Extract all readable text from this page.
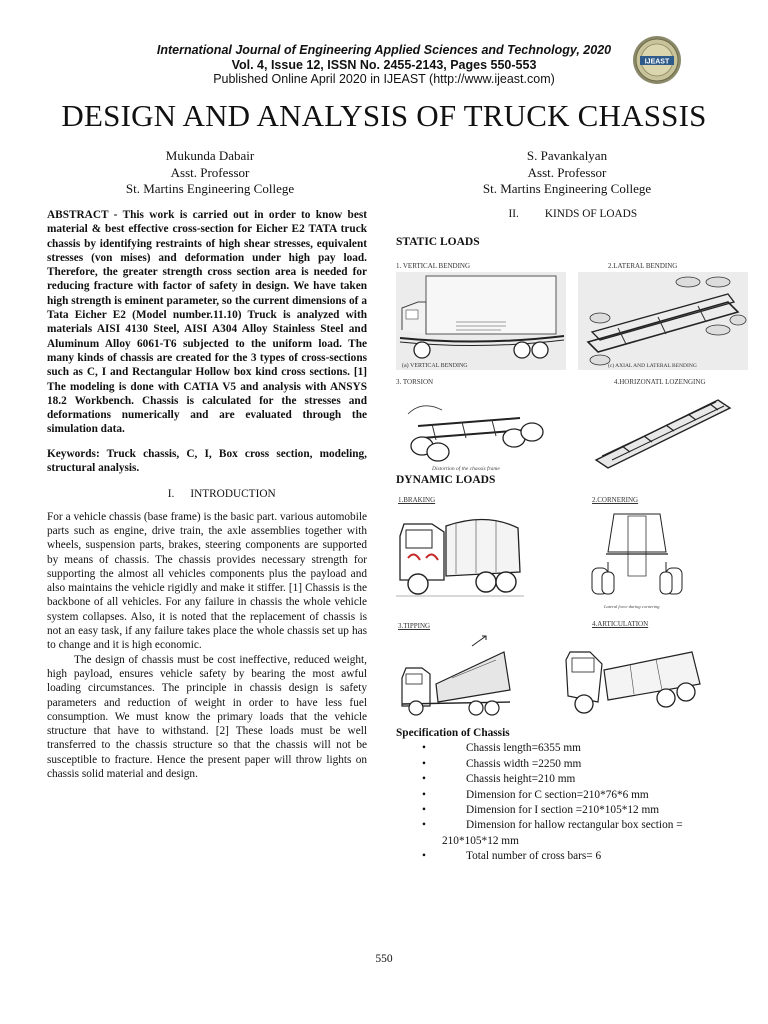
International Journal of Engineering Applied Sciences and Technology, 2020
Vol. 4, Issue 12, ISSN No. 2455-2143, Pages 550-553
Published Online April 2020 in IJEAST (http://www.ijeast.com)
IJEAST
DESIGN AND ANALYSIS OF TRUCK CHASSIS
Mukunda Dabair
Asst. Professor
St. Martins Engineering College
S. Pavankalyan
Asst. Professor
St. Martins Engineering College

ABSTRACT - This work is carried out in order to know best material & best effective cross-section for Eicher E2 TATA truck chassis by identifying restraints of high shear stresses, equivalent stresses (von mises) and deformation under high pay load. Therefore, the greater strength cross section area is needed for reducing fracture with factor of safety in design. We have taken high strength is eminent parameter, so the current dimensions of a Tata Eicher E2 (Model number.11.10) Truck is analyzed with materials AISI 4130 Steel, AISI A304 Alloy Stainless Steel and Aluminum Alloy 6061-T6 subjected to the uniform load. The many kinds of chassis are created for the 3 types of cross-sections such as C, I and Rectangular Hollow box kind cross sections. [1] The modeling is done with CATIA V5 and analysis with ANSYS 18.2 Workbench. Chassis is calculated for the stresses and deformations numerically and are evaluated through the simulation data.

Keywords: Truck chassis, C, I, Box cross section, modeling, structural analysis.

I. INTRODUCTION

For a vehicle chassis (base frame) is the basic part. various automobile parts such as engine, drive train, the axle assemblies together with wheels, suspension parts, brakes, steering components are supported by means of chassis. The chassis provides necessary strength for supporting the almost all vehicles components plus the payload and also maintains the vehicle rigidly and make it stiffer. [1] Chassis is the backbone of all vehicles. For any failure in chassis the whole vehicle system collapses. Also, it is noted that the replacement of chassis is not an easy task, if any failure takes place the whole chassis set up has to change and it is high economic.

The design of chassis must be cost ineffective, reduced weight, high payload, ensures vehicle safety by bearing the most awful loading circumstances. The principle in chassis design is safety parameters and reduction of weight in order to have less fuel consumption. We must know the primary loads that the vehicle structure that have to withstand. [2] These loads must be well transferred to the chassis structure so that the chassis will not be susceptible to fracture. Hence the present paper will throw lights on chassis solid material and design.

II. KINDS OF LOADS
STATIC LOADS
1. VERTICAL BENDING
(a) VERTICAL BENDING
2.LATERAL BENDING
(c) AXIAL AND LATERAL BENDING
3. TORSION
Distortion of the chassis frame
4.HORIZONATL LOZENGING
DYNAMIC LOADS
1.BRAKING	2.CORNERING
Lateral force during cornering
3.TIPPING	4.ARTICULATION
Specification of Chassis
•	Chassis length=6355 mm
•	Chassis width =2250 mm
•	Chassis height=210 mm
•	Dimension for C section=210*76*6 mm
•	Dimension for I section =210*105*12 mm
•	Dimension for hallow rectangular box section =
210*105*12 mm
•	Total number of cross bars= 6
550
